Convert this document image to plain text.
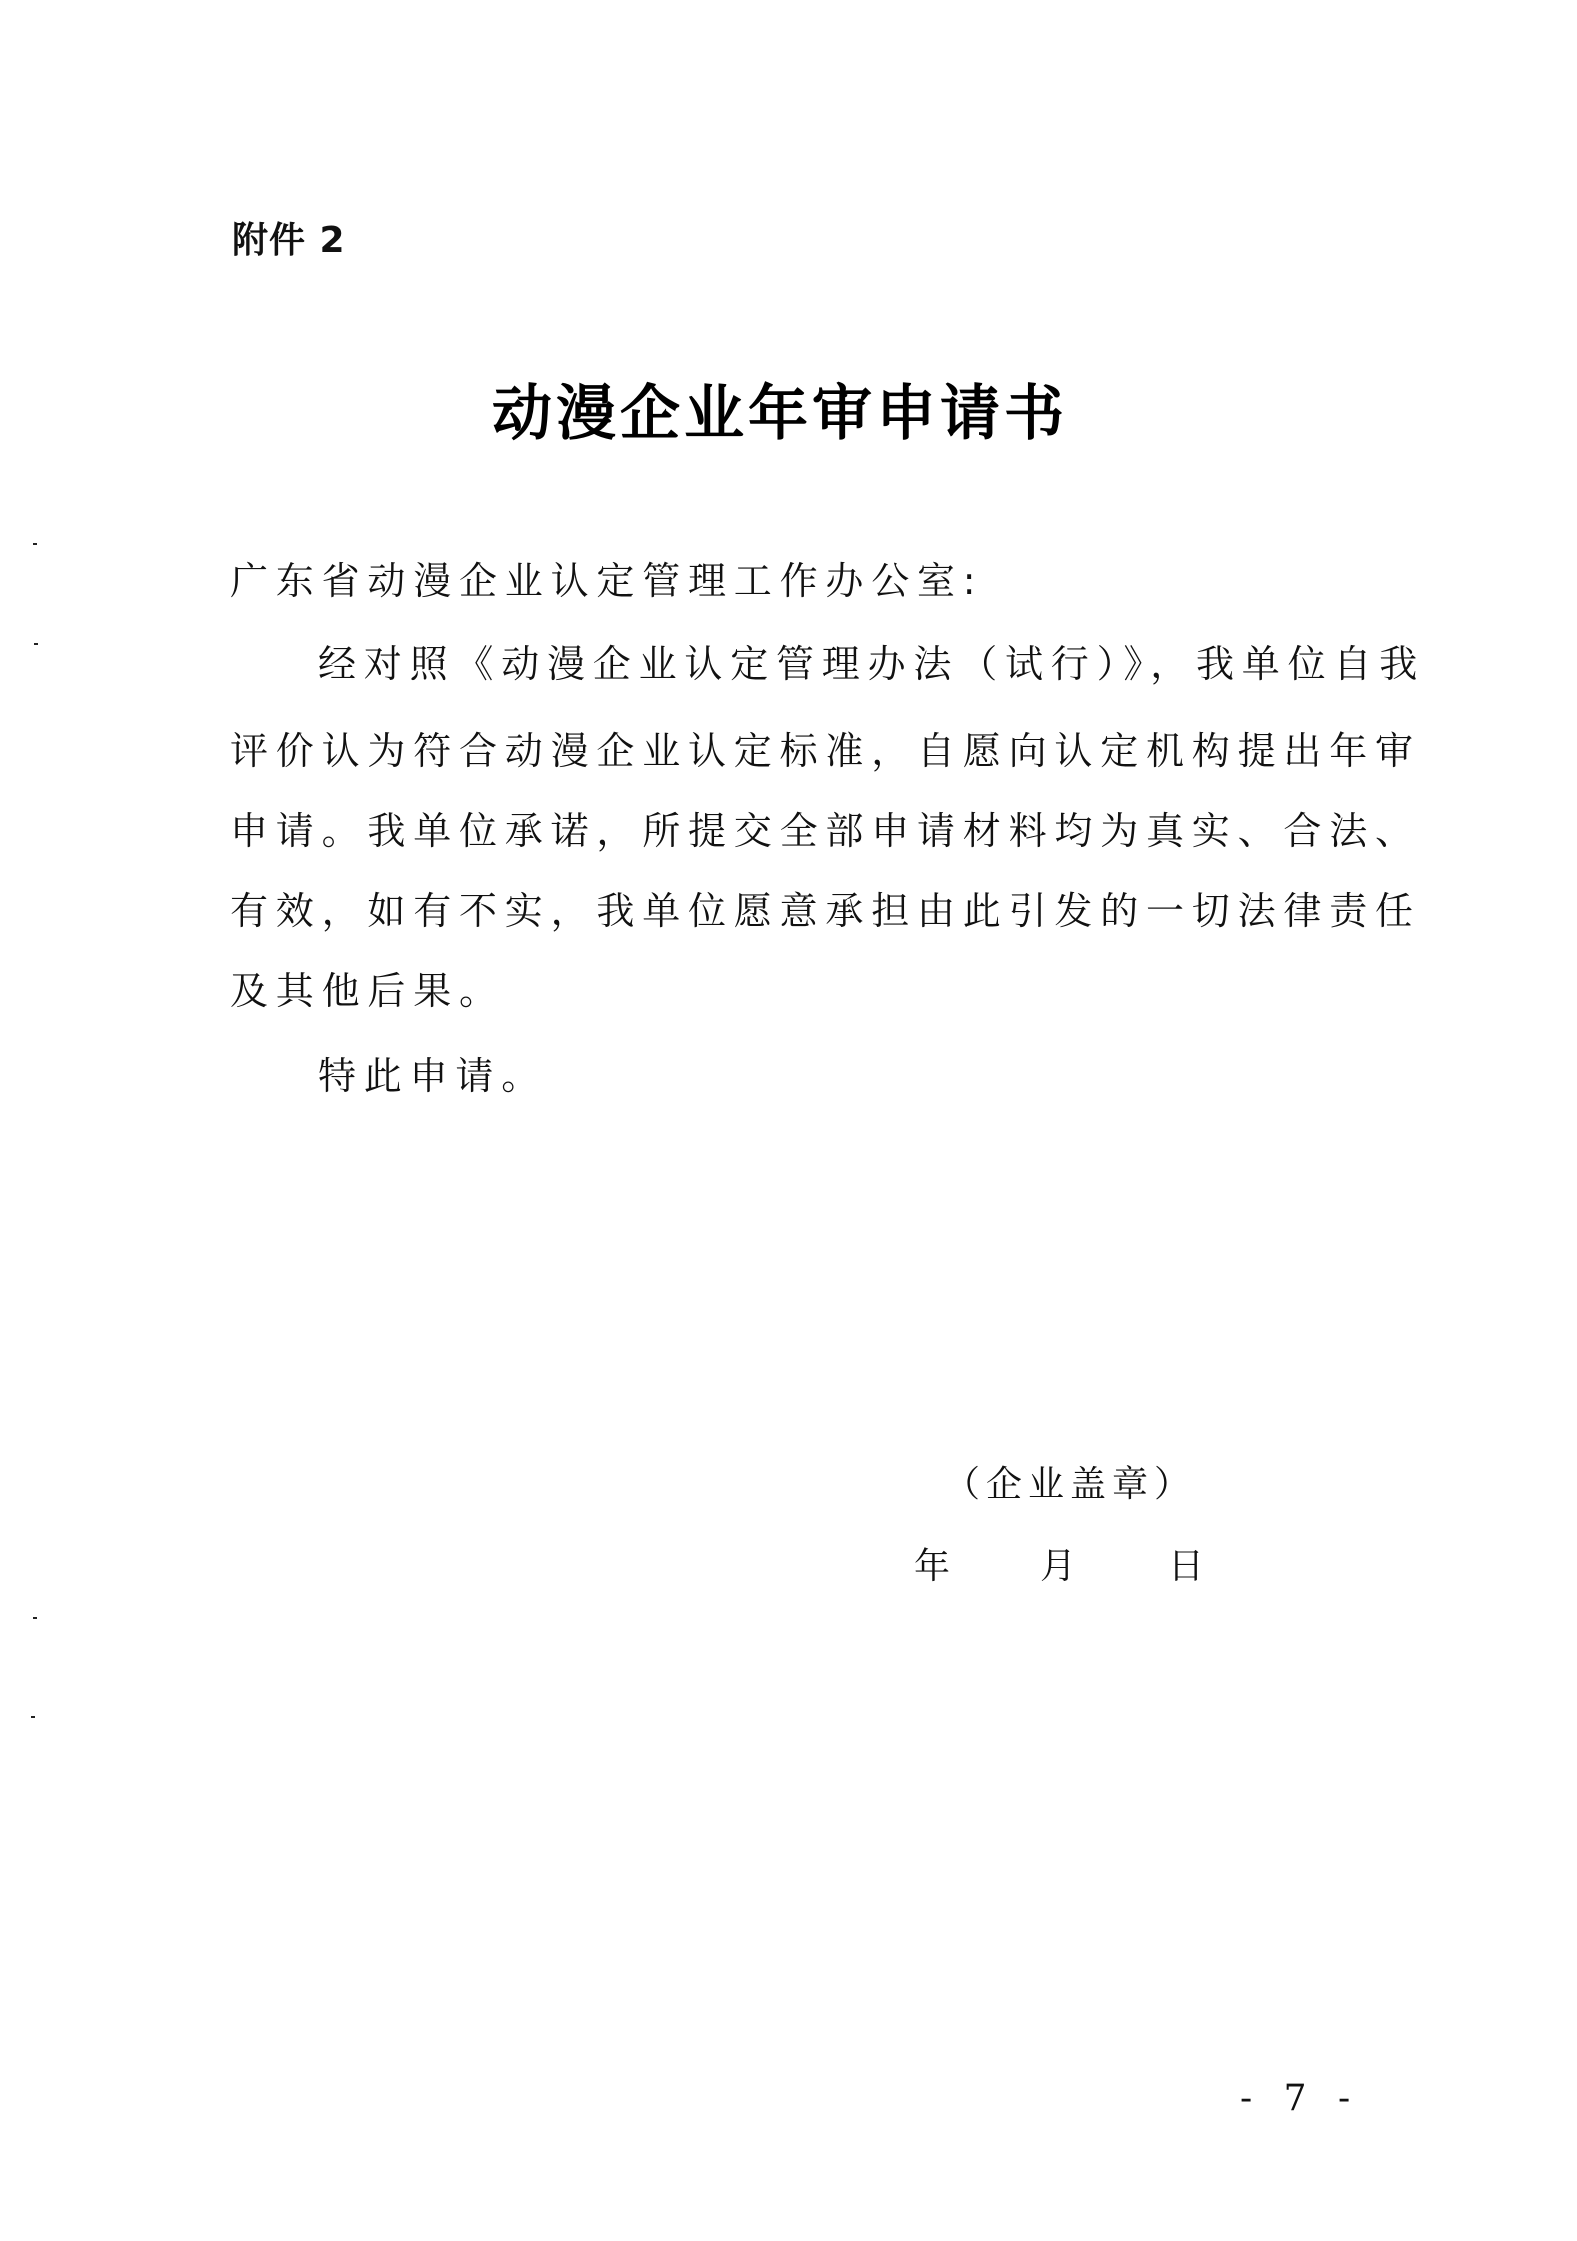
附件 2
动漫企业年审申请书
广东省动漫企业认定管理工作办公室:
经对照《动漫企业认定管理办法（试行）》，我单位自我
评价认为符合动漫企业认定标准，自愿向认定机构提出年审
申请。我单位承诺，所提交全部申请材料均为真实、合法、
有效，如有不实，我单位愿意承担由此引发的一切法律责任
及其他后果。
特此申请。
（企业盖章）
年 月	日
- 7 -
